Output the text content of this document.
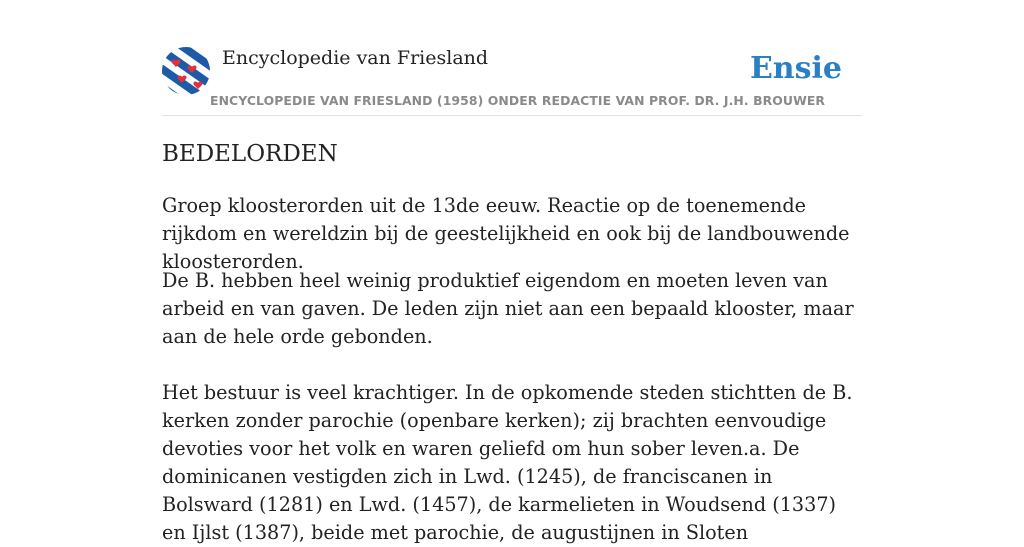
Encyclopedie van Friesland	Ensie
ENCYCLOPEDIE VAN FRIESLAND (1958) ONDER REDACTIE VAN PROF. DR. J.H. BROUWER
BEDELORDEN

Groep kloosterorden uit de 13de eeuw. Reactie op de toenemende rijkdom en wereldzin bij de geestelijkheid en ook bij de landbouwende kloosterorden.

De B. hebben heel weinig produktief eigendom en moeten leven van arbeid en van gaven. De leden zijn niet aan een bepaald klooster, maar aan de hele orde gebonden.

Het bestuur is veel krachtiger. In de opkomende steden stichtten de B. kerken zonder parochie (openbare kerken); zij brachten eenvoudige devoties voor het volk en waren geliefd om hun sober leven.a. De dominicanen vestigden zich in Lwd. (1245), de franciscanen in Bolsward (1281) en Lwd. (1457), de karmelieten in Woudsend (1337) en Ijlst (1387), beide met parochie, de augustijnen in Sloten
